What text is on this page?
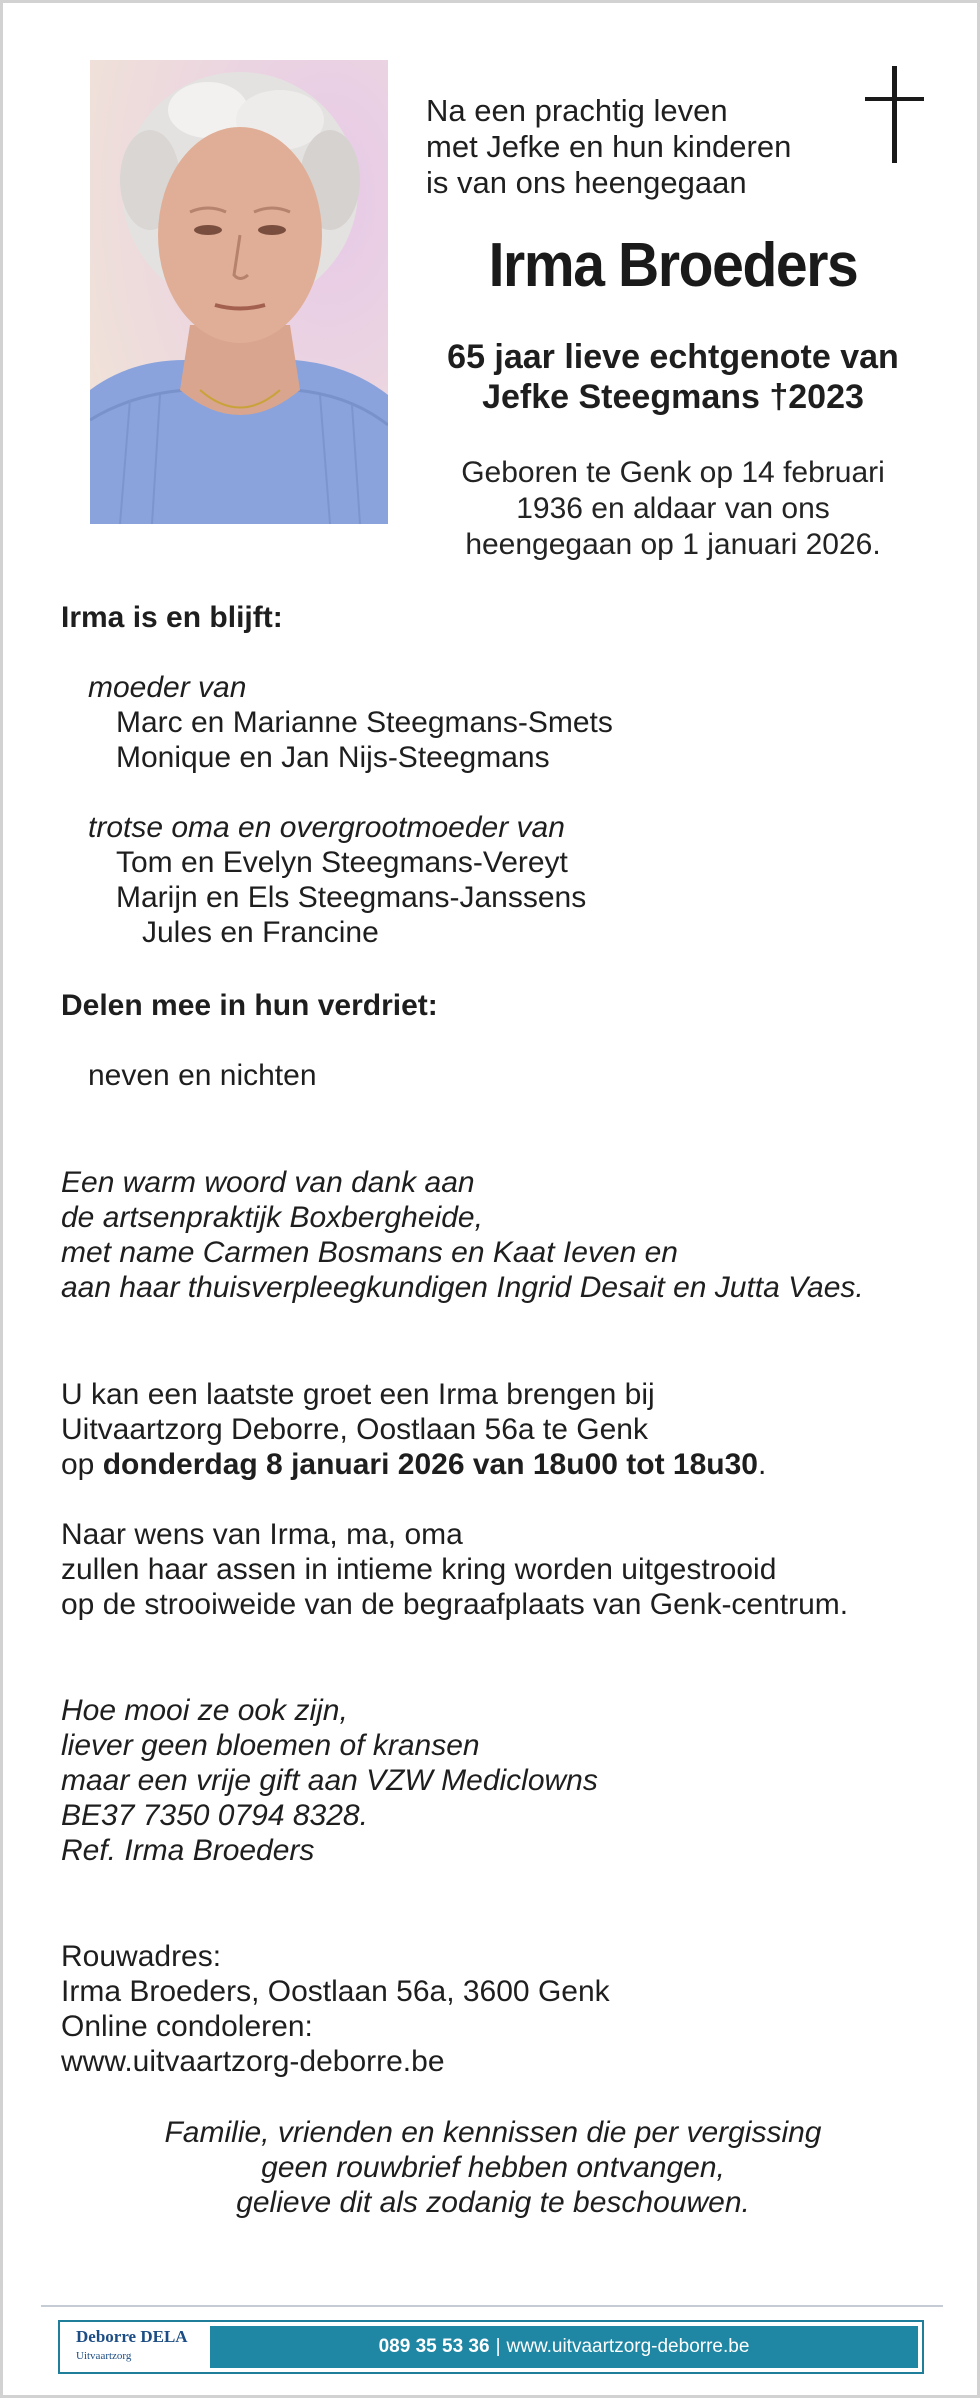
Na een prachtig leven
met Jefke en hun kinderen
is van ons heengegaan
Irma Broeders
65 jaar lieve echtgenote van
Jefke Steegmans †2023
Geboren te Genk op 14 februari
1936 en aldaar van ons
heengegaan op 1 januari 2026.
Irma is en blijft:
moeder van
Marc en Marianne Steegmans-Smets
Monique en Jan Nijs-Steegmans
trotse oma en overgrootmoeder van
Tom en Evelyn Steegmans-Vereyt
Marijn en Els Steegmans-Janssens
Jules en Francine
Delen mee in hun verdriet:
neven en nichten
Een warm woord van dank aan
de artsenpraktijk Boxbergheide,
met name Carmen Bosmans en Kaat Ieven en
aan haar thuisverpleegkundigen Ingrid Desait en Jutta Vaes.
U kan een laatste groet een Irma brengen bij
Uitvaartzorg Deborre, Oostlaan 56a te Genk
op donderdag 8 januari 2026 van 18u00 tot 18u30.
Naar wens van Irma, ma, oma
zullen haar assen in intieme kring worden uitgestrooid
op de strooiweide van de begraafplaats van Genk-centrum.
Hoe mooi ze ook zijn,
liever geen bloemen of kransen
maar een vrije gift aan VZW Mediclowns
BE37 7350 0794 8328.
Ref. Irma Broeders
Rouwadres:
Irma Broeders, Oostlaan 56a, 3600 Genk
Online condoleren:
www.uitvaartzorg-deborre.be
Familie, vrienden en kennissen die per vergissing
geen rouwbrief hebben ontvangen,
gelieve dit als zodanig te beschouwen.
Deborre DELA
Uitvaartzorg	089 35 53 36 | www.uitvaartzorg-deborre.be
